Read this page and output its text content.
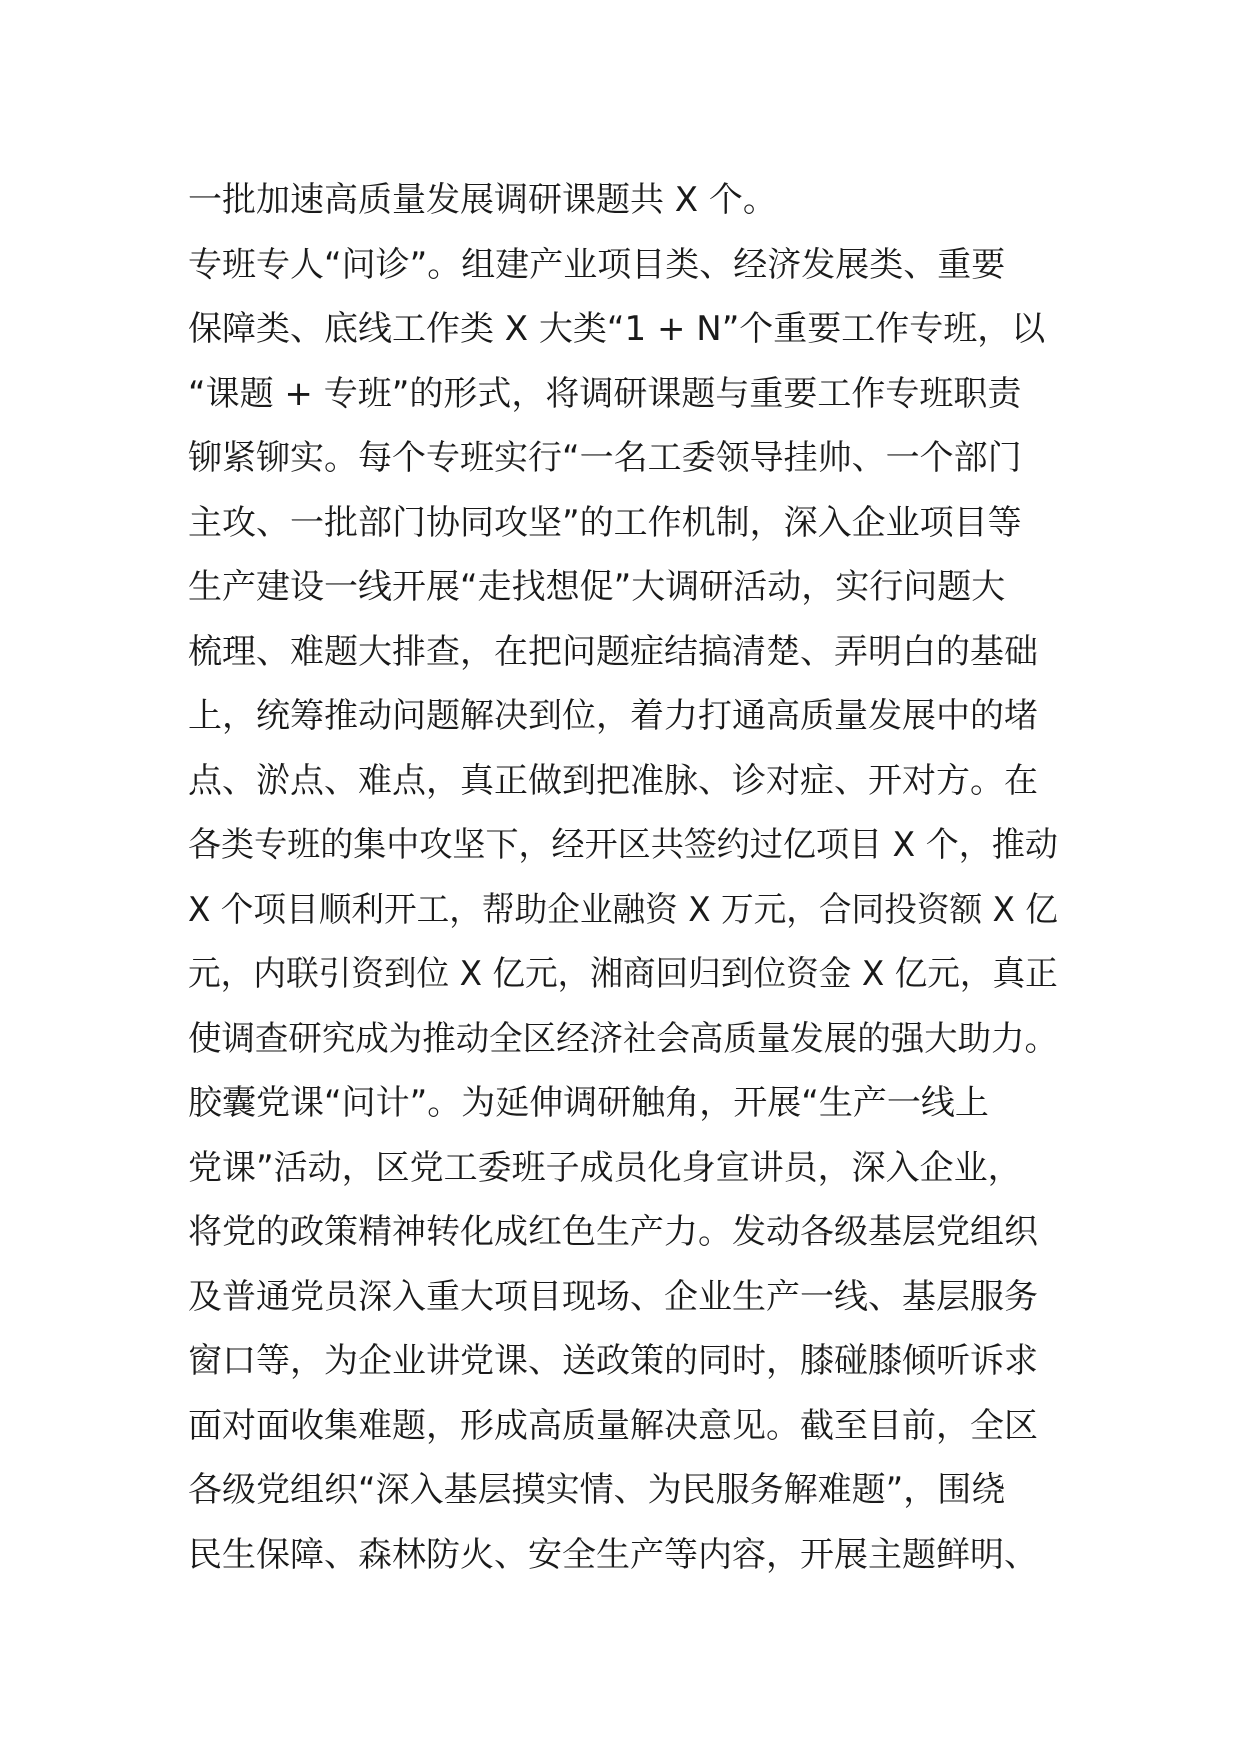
一批加速高质量发展调研课题共 X 个。
专班专人“问诊”。组建产业项目类、经济发展类、重要
保障类、底线工作类 X 大类“1 + N”个重要工作专班，以
“课题 + 专班”的形式，将调研课题与重要工作专班职责
铆紧铆实。每个专班实行“一名工委领导挂帅、一个部门
主攻、一批部门协同攻坚”的工作机制，深入企业项目等
生产建设一线开展“走找想促”大调研活动，实行问题大
梳理、难题大排查，在把问题症结搞清楚、弄明白的基础
上，统筹推动问题解决到位，着力打通高质量发展中的堵
点、淤点、难点，真正做到把准脉、诊对症、开对方。在
各类专班的集中攻坚下，经开区共签约过亿项目 X 个，推动
X 个项目顺利开工，帮助企业融资 X 万元，合同投资额 X 亿
元，内联引资到位 X 亿元，湘商回归到位资金 X 亿元，真正
使调查研究成为推动全区经济社会高质量发展的强大助力。
胶囊党课“问计”。为延伸调研触角，开展“生产一线上
党课”活动，区党工委班子成员化身宣讲员，深入企业，
将党的政策精神转化成红色生产力。发动各级基层党组织
及普通党员深入重大项目现场、企业生产一线、基层服务
窗口等，为企业讲党课、送政策的同时，膝碰膝倾听诉求
面对面收集难题，形成高质量解决意见。截至目前，全区
各级党组织“深入基层摸实情、为民服务解难题”，围绕
民生保障、森林防火、安全生产等内容，开展主题鲜明、
